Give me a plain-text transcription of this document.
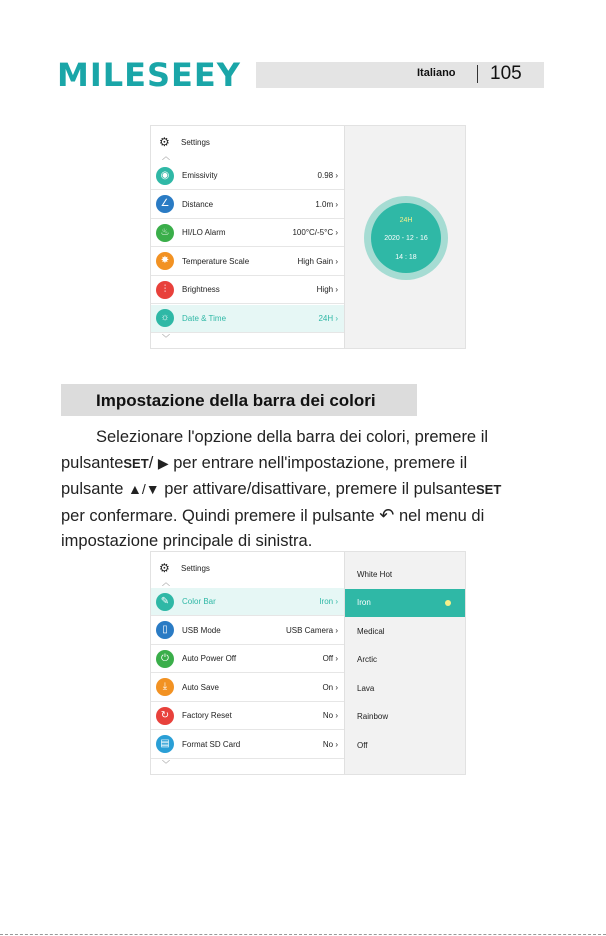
MILESEEY	Italiano 105
⚙ Settings
︿
◉	Emissivity	0.98 ›
∠	Distance	1.0m ›
♨	HI/LO Alarm	100°C/-5°C ›
✸	Temperature Scale	High Gain ›
⫶	Brightness	High ›
☼	Date & Time	24H ›
﹀
24H
2020 - 12 - 16
14 : 18
Impostazione della barra dei colori
Selezionare l'opzione della barra dei colori, premere il
pulsanteSET/ ▶ per entrare nell'impostazione, premere il
pulsante ▲/▼ per attivare/disattivare, premere il pulsanteSET
per confermare. Quindi premere il pulsante ↶ nel menu di
impostazione principale di sinistra.
⚙ Settings
︿
✎	Color Bar	Iron ›
▯	USB Mode	USB Camera ›
⏻	Auto Power Off	Off ›
⤓	Auto Save	On ›
↻	Factory Reset	No ›
▤	Format SD Card	No ›
﹀
White Hot
Iron
Medical
Arctic
Lava
Rainbow
Off
